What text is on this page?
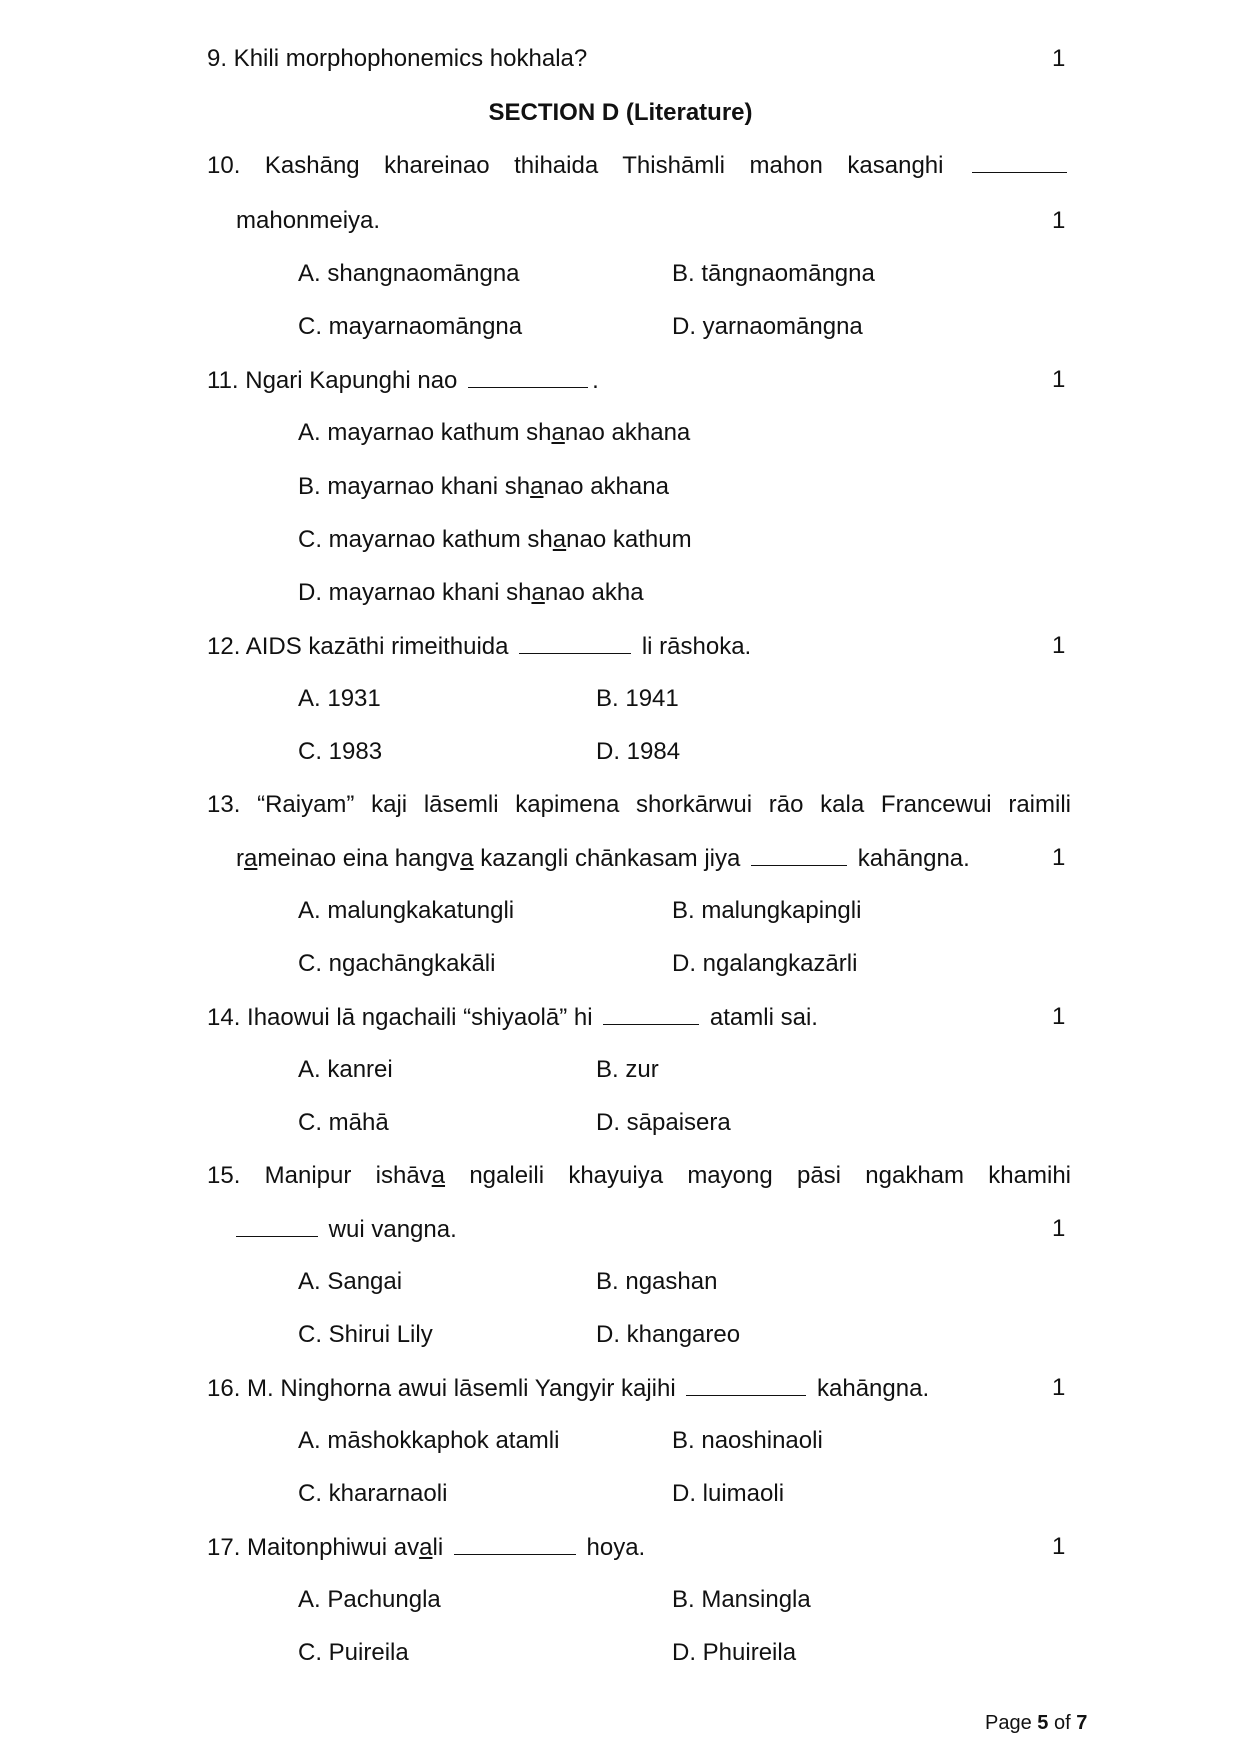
9. Khili morphophonemics hokhala?	1
SECTION D (Literature)
10. Kashāng khareinao thihaida Thishāmli mahon kasanghi
mahonmeiya.	1
A. shangnaomāngna	B. tāngnaomāngna
C. mayarnaomāngna	D. yarnaomāngna
11. Ngari Kapunghi nao	.	1
A. mayarnao kathum shanao akhana
B. mayarnao khani shanao akhana
C. mayarnao kathum shanao kathum
D. mayarnao khani shanao akha
12. AIDS kazāthi rimeithuida	li rāshoka.	1
A. 1931	B. 1941
C. 1983	D. 1984
13. “Raiyam” kaji lāsemli kapimena shorkārwui rāo kala Francewui raimili
rameinao eina hangva kazangli chānkasam jiya	kahāngna.	1
A. malungkakatungli	B. malungkapingli
C. ngachāngkakāli	D. ngalangkazārli
14. Ihaowui lā ngachaili “shiyaolā” hi	atamli sai.	1
A. kanrei	B. zur
C. māhā	D. sāpaisera
15. Manipur ishāva ngaleili khayuiya mayong pāsi ngakham khamihi
wui vangna.	1
A. Sangai	B. ngashan
C. Shirui Lily	D. khangareo
16. M. Ninghorna awui lāsemli Yangyir kajihi	kahāngna.	1
A. māshokkaphok atamli	B. naoshinaoli
C. khararnaoli	D. luimaoli
17. Maitonphiwui avali	hoya.	1
A. Pachungla	B. Mansingla
C. Puireila	D. Phuireila
Page 5 of 7
